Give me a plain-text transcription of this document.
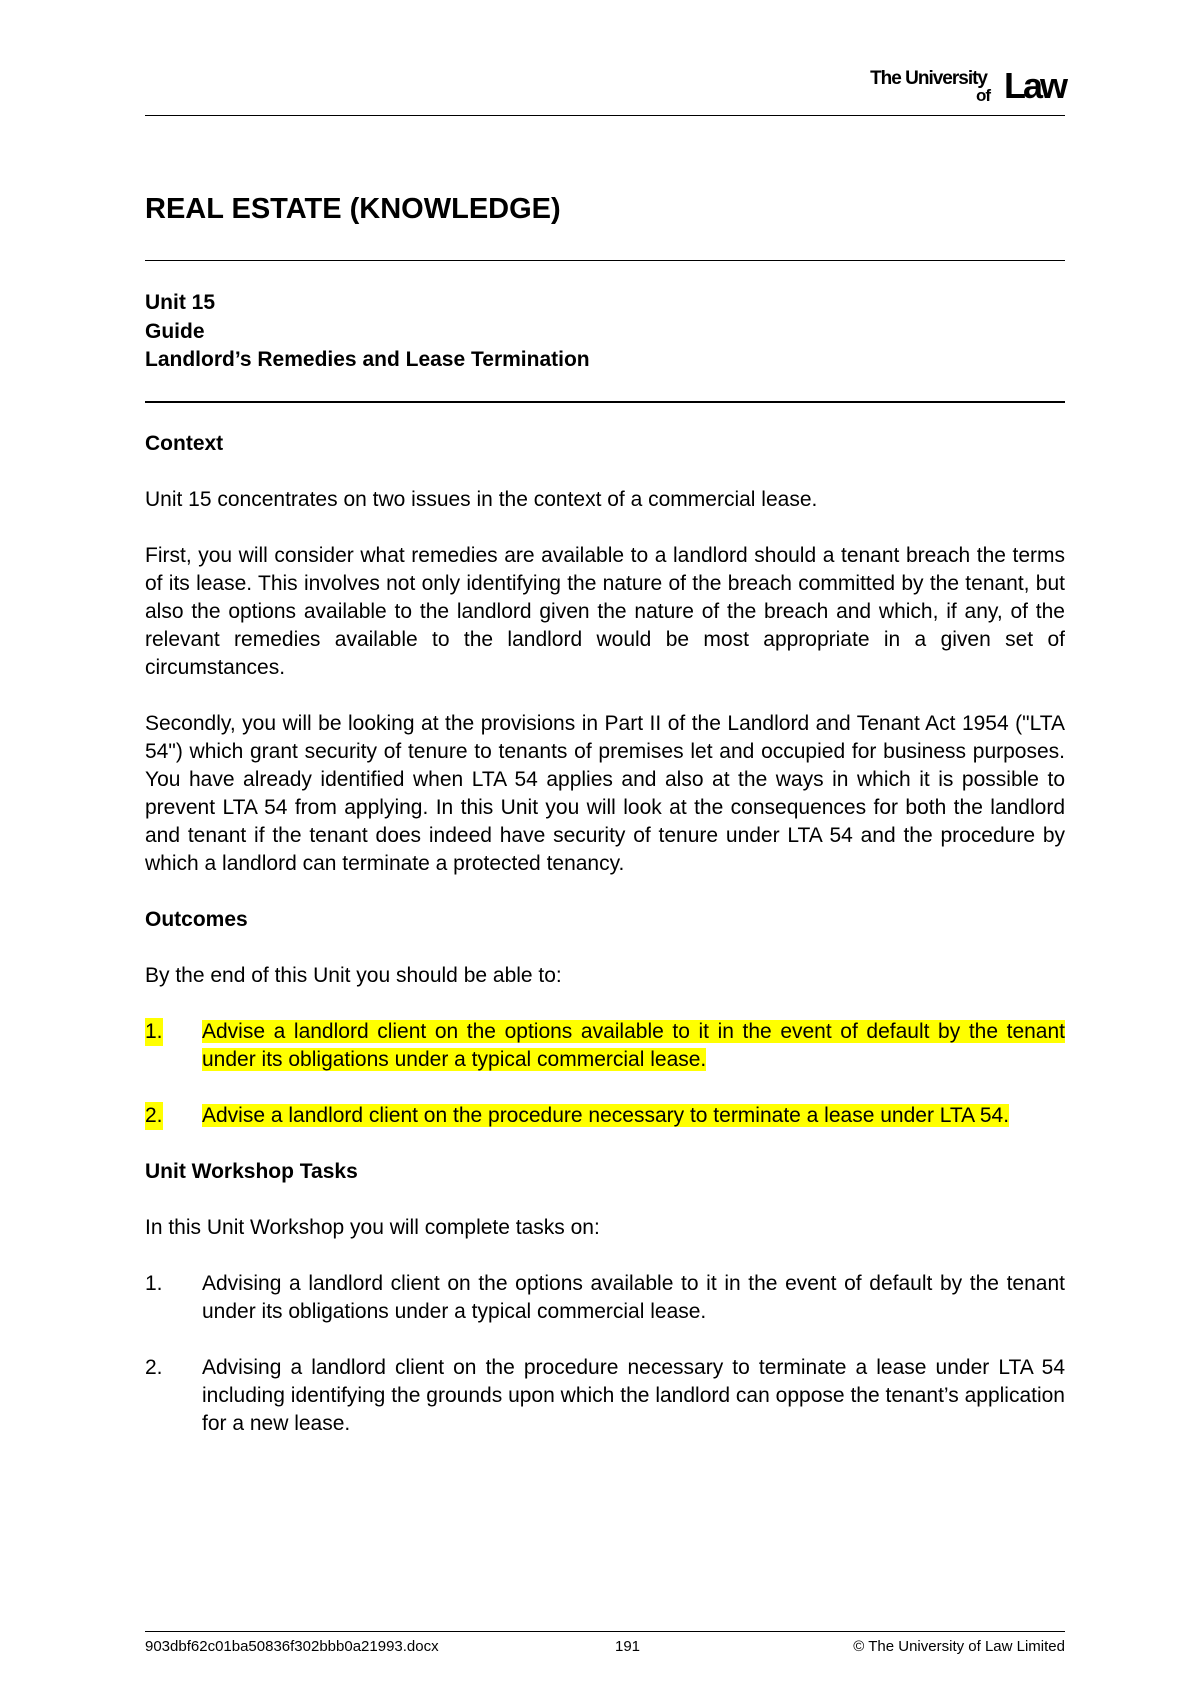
The University
of Law
REAL ESTATE (KNOWLEDGE)
Unit 15
Guide
Landlord’s Remedies and Lease Termination
Context

Unit 15 concentrates on two issues in the context of a commercial lease.

First, you will consider what remedies are available to a landlord should a tenant breach the terms of its lease. This involves not only identifying the nature of the breach committed by the tenant, but also the options available to the landlord given the nature of the breach and which, if any, of the relevant remedies available to the landlord would be most appropriate in a given set of circumstances.

Secondly, you will be looking at the provisions in Part II of the Landlord and Tenant Act 1954 ("LTA 54") which grant security of tenure to tenants of premises let and occupied for business purposes. You have already identified when LTA 54 applies and also at the ways in which it is possible to prevent LTA 54 from applying. In this Unit you will look at the consequences for both the landlord and tenant if the tenant does indeed have security of tenure under LTA 54 and the procedure by which a landlord can terminate a protected tenancy.

Outcomes

By the end of this Unit you should be able to:

1. Advise a landlord client on the options available to it in the event of default by the tenant under its obligations under a typical commercial lease.
2. Advise a landlord client on the procedure necessary to terminate a lease under LTA 54.
Unit Workshop Tasks

In this Unit Workshop you will complete tasks on:

1. Advising a landlord client on the options available to it in the event of default by the tenant under its obligations under a typical commercial lease.
2. Advising a landlord client on the procedure necessary to terminate a lease under LTA 54 including identifying the grounds upon which the landlord can oppose the tenant’s application for a new lease.
903dbf62c01ba50836f302bbb0a21993.docx	191	© The University of Law Limited
